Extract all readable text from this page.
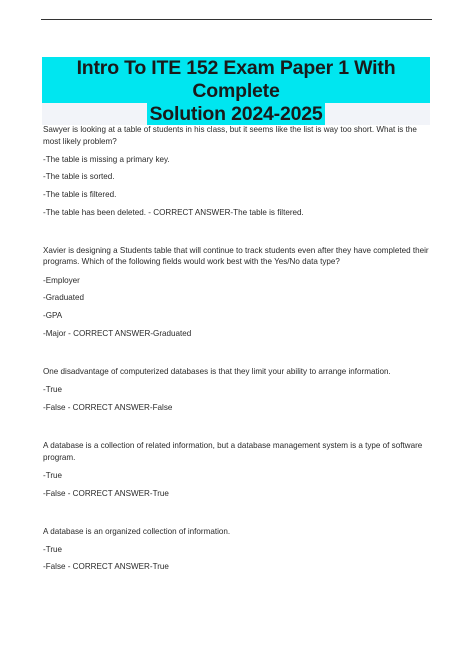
Intro To ITE 152 Exam Paper 1 With Complete
Solution 2024-2025

Sawyer is looking at a table of students in his class, but it seems like the list is way too short. What is the most likely problem?

-The table is missing a primary key.

-The table is sorted.

-The table is filtered.

-The table has been deleted. - CORRECT ANSWER-The table is filtered.

Xavier is designing a Students table that will continue to track students even after they have completed their programs. Which of the following fields would work best with the Yes/No data type?

-Employer

-Graduated

-GPA

-Major - CORRECT ANSWER-Graduated

One disadvantage of computerized databases is that they limit your ability to arrange information.

-True

-False - CORRECT ANSWER-False

A database is a collection of related information, but a database management system is a type of software program.

-True

-False - CORRECT ANSWER-True

A database is an organized collection of information.

-True

-False - CORRECT ANSWER-True
